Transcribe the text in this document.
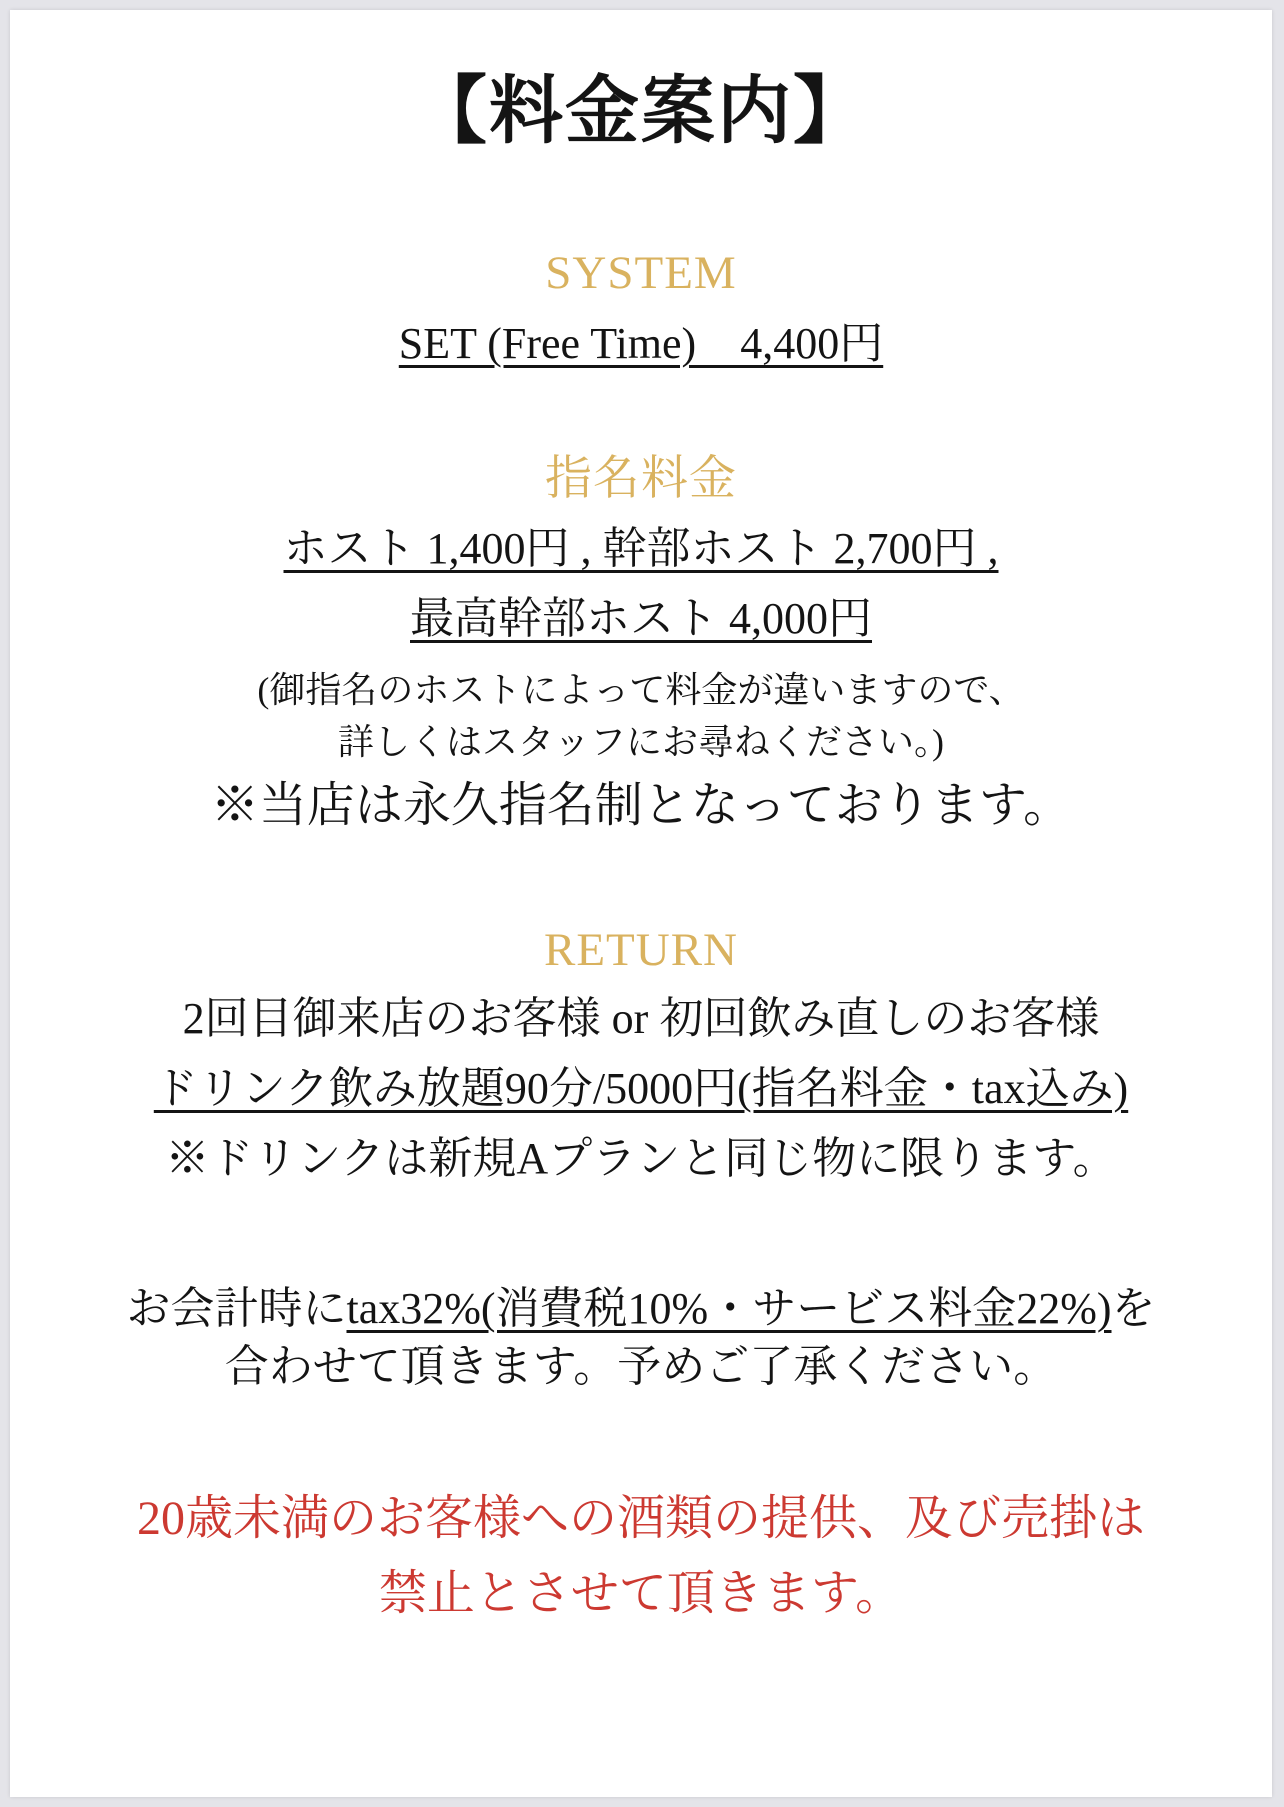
【料金案内】
SYSTEM

SET (Free Time)　4,400円

指名料金

ホスト 1,400円 , 幹部ホスト 2,700円 ,

最高幹部ホスト 4,000円

(御指名のホストによって料金が違いますので、

詳しくはスタッフにお尋ねください。)

※当店は永久指名制となっております。

RETURN

2回目御来店のお客様 or 初回飲み直しのお客様

ドリンク飲み放題90分/5000円(指名料金・tax込み)

※ドリンクは新規Aプランと同じ物に限ります。

お会計時にtax32%(消費税10%・サービス料金22%)を

合わせて頂きます。予めご了承ください。

20歳未満のお客様への酒類の提供、及び売掛は

禁止とさせて頂きます。
